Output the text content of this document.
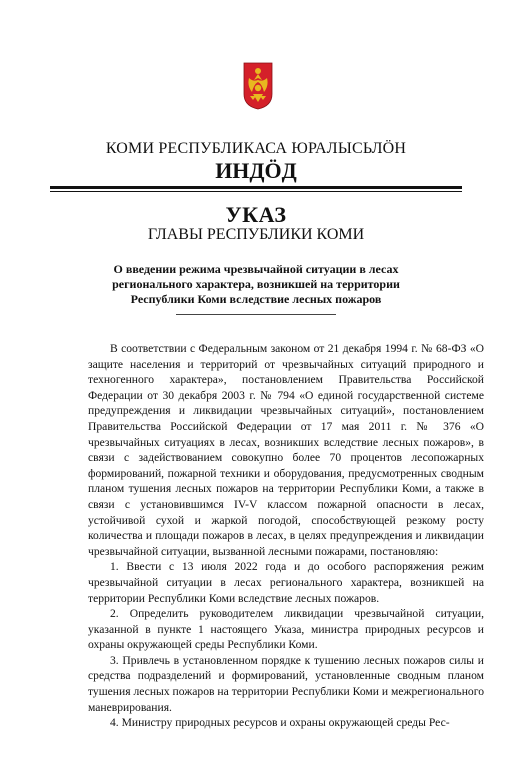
КОМИ РЕСПУБЛИКАСА ЮРАЛЫСЬЛӦН
ИНДӦД
УКАЗ
ГЛАВЫ РЕСПУБЛИКИ КОМИ
О введении режима чрезвычайной ситуации в лесах регионального характера, возникшей на территории Республики Коми вследствие лесных пожаров

В соответствии с Федеральным законом от 21 декабря 1994 г. № 68-ФЗ «О защите населения и территорий от чрезвычайных ситуаций природного и техногенного характера», постановлением Правительства Российской Федерации от 30 декабря 2003 г. № 794 «О единой государственной системе предупреждения и ликвидации чрезвычайных ситуаций», постановлением Правительства Российской Федерации от 17 мая 2011 г. № 376 «О чрезвычайных ситуациях в лесах, возникших вследствие лесных пожаров», в связи с задействованием совокупно более 70 процентов лесопожарных формирований, пожарной техники и оборудования, предусмотренных сводным планом тушения лесных пожаров на территории Республики Коми, а также в связи с установившимся IV-V классом пожарной опасности в лесах, устойчивой сухой и жаркой погодой, способствующей резкому росту количества и площади пожаров в лесах, в целях предупреждения и ликвидации чрезвычайной ситуации, вызванной лесными пожарами, постановляю:

1. Ввести с 13 июля 2022 года и до особого распоряжения режим чрезвычайной ситуации в лесах регионального характера, возникшей на территории Республики Коми вследствие лесных пожаров.

2. Определить руководителем ликвидации чрезвычайной ситуации, указанной в пункте 1 настоящего Указа, министра природных ресурсов и охраны окружающей среды Республики Коми.

3. Привлечь в установленном порядке к тушению лесных пожаров силы и средства подразделений и формирований, установленные сводным планом тушения лесных пожаров на территории Республики Коми и межрегионального маневрирования.

4. Министру природных ресурсов и охраны окружающей среды Рес-
